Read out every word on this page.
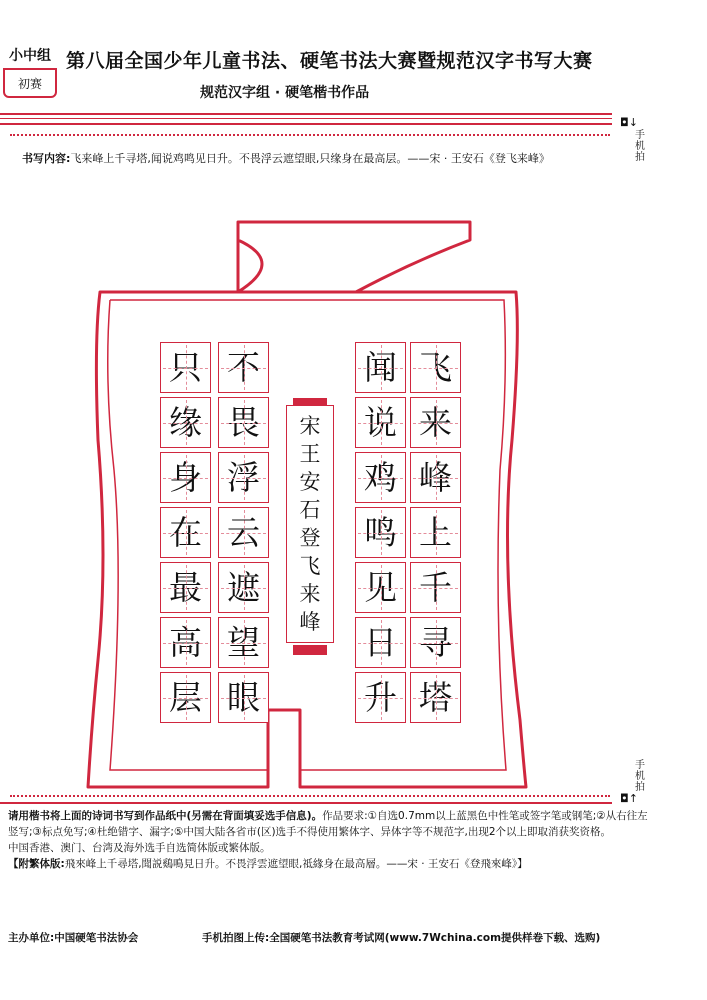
小中组
初赛
第八届全国少年儿童书法、硬笔书法大赛暨规范汉字书写大赛
规范汉字组 · 硬笔楷书作品
◘↓
手机拍
书写内容:飞来峰上千寻塔,闻说鸡鸣见日升。不畏浮云遮望眼,只缘身在最高层。——宋 · 王安石《登飞来峰》
飞
来
峰
上
千
寻
塔
闻
说
鸡
鸣
见
日
升
不
畏
浮
云
遮
望
眼
只
缘
身
在
最
高
层
宋
王
安
石
登
飞
来
峰
手机拍
◘↑
请用楷书将上面的诗词书写到作品纸中(另需在背面填妥选手信息)。作品要求:①自选0.7mm以上蓝黑色中性笔或签字笔或钢笔;②从右往左竖写;③标点免写;④杜绝错字、漏字;⑤中国大陆各省市(区)选手不得使用繁体字、异体字等不规范字,出现2个以上即取消获奖资格。
中国香港、澳门、台湾及海外选手自选简体版或繁体版。
【附繁体版:飛來峰上千尋塔,聞説鷄鳴見日升。不畏浮雲遮望眼,祗緣身在最高層。——宋 · 王安石《登飛來峰》】
主办单位:中国硬笔书法协会	手机拍图上传:全国硬笔书法教育考试网(www.7Wchina.com提供样卷下载、选购)
